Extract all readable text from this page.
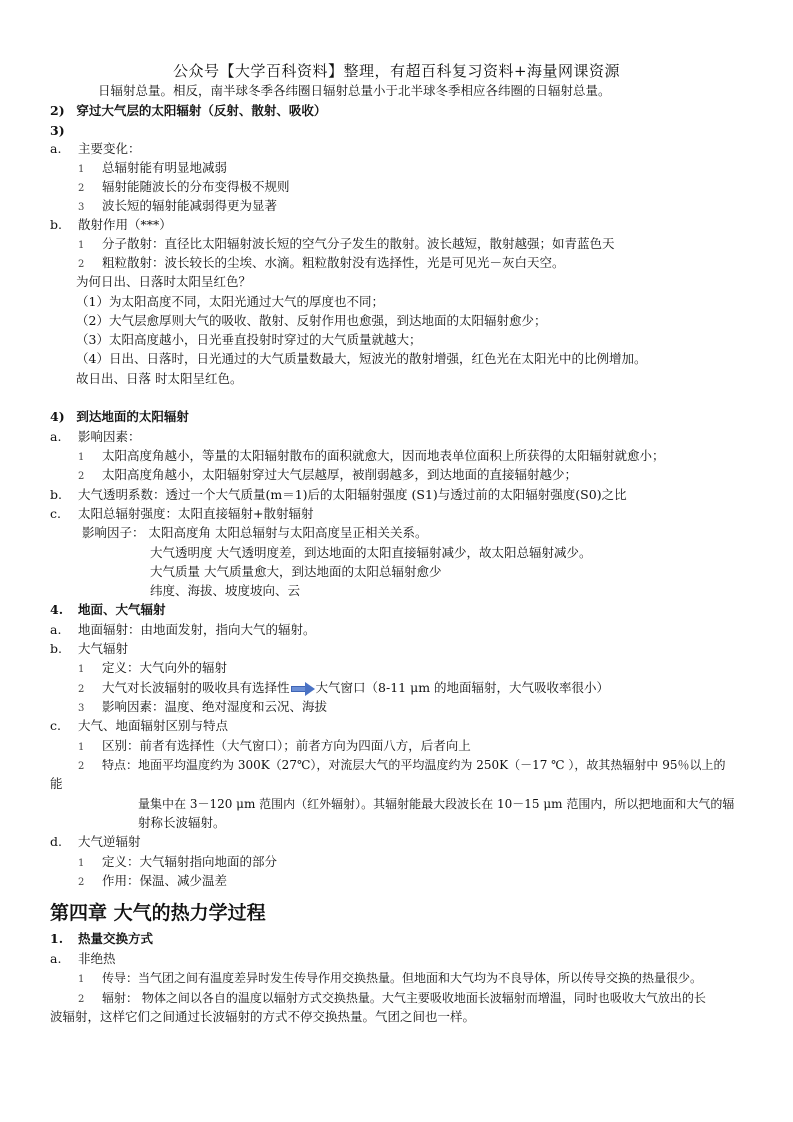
公众号【大学百科资料】整理，有超百科复习资料+海量网课资源
日辐射总量。相反，南半球冬季各纬圈日辐射总量小于北半球冬季相应各纬圈的日辐射总量。
2) 穿过大气层的太阳辐射（反射、散射、吸收）
3)
a. 主要变化：
1 总辐射能有明显地减弱
2 辐射能随波长的分布变得极不规则
3 波长短的辐射能减弱得更为显著
b. 散射作用（***）
1 分子散射：直径比太阳辐射波长短的空气分子发生的散射。波长越短，散射越强；如青蓝色天
2 粗粒散射：波长较长的尘埃、水滴。粗粒散射没有选择性，光是可见光－灰白天空。
为何日出、日落时太阳呈红色？
（1）为太阳高度不同，太阳光通过大气的厚度也不同；
（2）大气层愈厚则大气的吸收、散射、反射作用也愈强，到达地面的太阳辐射愈少；
（3）太阳高度越小，日光垂直投射时穿过的大气质量就越大；
（4）日出、日落时，日光通过的大气质量数最大，短波光的散射增强，红色光在太阳光中的比例增加。
故日出、日落 时太阳呈红色。
4) 到达地面的太阳辐射
a. 影响因素：
1 太阳高度角越小，等量的太阳辐射散布的面积就愈大，因而地表单位面积上所获得的太阳辐射就愈小；
2 太阳高度角越小，太阳辐射穿过大气层越厚，被削弱越多，到达地面的直接辐射越少；
b. 大气透明系数：透过一个大气质量(m＝1)后的太阳辐射强度 (S1)与透过前的太阳辐射强度(S0)之比
c. 太阳总辐射强度：太阳直接辐射+散射辐射
影响因子： 太阳高度角 太阳总辐射与太阳高度呈正相关关系。
大气透明度 大气透明度差，到达地面的太阳直接辐射减少，故太阳总辐射减少。
大气质量 大气质量愈大，到达地面的太阳总辐射愈少
纬度、海拔、坡度坡向、云
4. 地面、大气辐射
a. 地面辐射：由地面发射，指向大气的辐射。
b. 大气辐射
1 定义：大气向外的辐射
2 大气对长波辐射的吸收具有选择性 大气窗口（8-11 μm 的地面辐射，大气吸收率很小）
3 影响因素：温度、绝对湿度和云况、海拔
c. 大气、地面辐射区别与特点
1 区别：前者有选择性（大气窗口）；前者方向为四面八方，后者向上
2 特点：地面平均温度约为 300K（27℃），对流层大气的平均温度约为 250K（－17 ℃ ），故其热辐射中 95％以上的
能
量集中在 3－120 μm 范围内（红外辐射）。其辐射能最大段波长在 10－15 μm 范围内，所以把地面和大气的辐
射称长波辐射。
d. 大气逆辐射
1 定义：大气辐射指向地面的部分
2 作用：保温、减少温差
第四章 大气的热力学过程
1. 热量交换方式
a. 非绝热
1 传导：当气团之间有温度差异时发生传导作用交换热量。但地面和大气均为不良导体，所以传导交换的热量很少。
2 辐射： 物体之间以各自的温度以辐射方式交换热量。大气主要吸收地面长波辐射而增温，同时也吸收大气放出的长
波辐射，这样它们之间通过长波辐射的方式不停交换热量。气团之间也一样。
